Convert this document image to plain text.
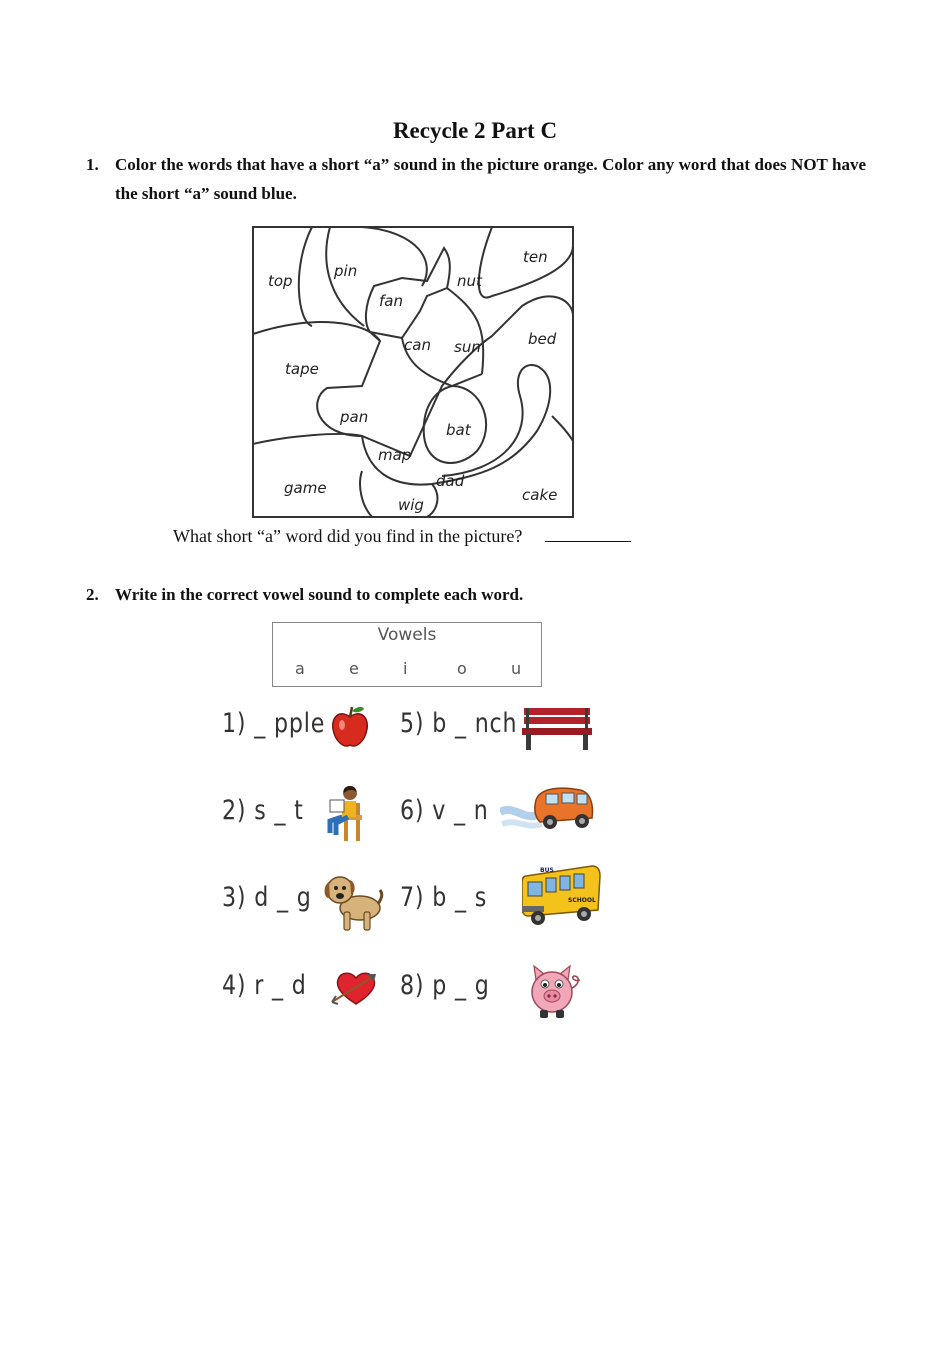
Recycle 2 Part C
1. Color the words that have a short “a” sound in the picture orange. Color any word that does NOT have the short “a” sound blue.
top
pin
fan
nut
ten
can sun	bed
tape
pan
bat
map
dad
game
wig
cake
What short “a” word did you find in the picture?
2. Write in the correct vowel sound to complete each word.
Vowels
a	e	i	o	u
1) _ pple
2) s _ t
3) d _ g
4) r _ d
5) b _ nch
6) v _ n
7) b _ s
8) p _ g
BUS
SCHOOL
